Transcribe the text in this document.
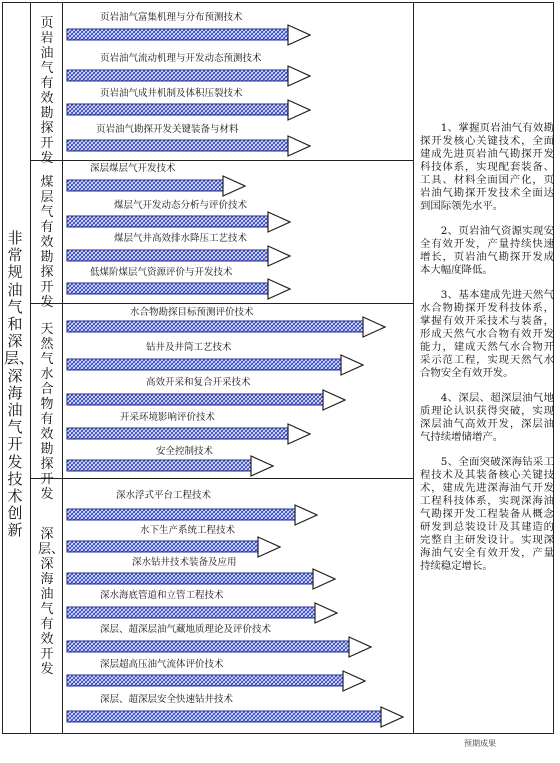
非常规油气和深层、深海油气开发技术创新
页岩油气有效勘探开发
煤层气有效勘探开发
天然气水合物有效勘探开发
深层、深海油气有效开发
页岩油气富集机理与分布预测技术
页岩油气流动机理与开发动态预测技术
页岩油气成井机制及体积压裂技术
页岩油气勘探开发关键装备与材料
深层煤层气开发技术
煤层气开发动态分析与评价技术
煤层气井高效排水降压工艺技术
低煤阶煤层气资源评价与开发技术
水合物勘探目标预测评价技术
钻井及井筒工艺技术
高效开采和复合开采技术
开采环境影响评价技术
安全控制技术
深水浮式平台工程技术
水下生产系统工程技术
深水钻井技术装备及应用
深水海底管道和立管工程技术
深层、超深层油气藏地质理论及评价技术
深层超高压油气流体评价技术
深层、超深层安全快速钻井技术

1、掌握页岩油气有效勘探开发核心关键技术，全面建成先进页岩油气勘探开发科技体系，实现配套装备、工具、材料全面国产化，页岩油气勘探开发技术全面达到国际领先水平。

2、页岩油气资源实现安全有效开发，产量持续快速增长，页岩油气勘探开发成本大幅度降低。

3、基本建成先进天然气水合物勘探开发科技体系，掌握有效开采技术与装备，形成天然气水合物有效开发能力，建成天然气水合物开采示范工程，实现天然气水合物安全有效开发。

4、深层、超深层油气地质理论认识获得突破，实现深层油气高效开发，深层油气持续增储增产。

5、全面突破深海钻采工程技术及其装备核心关键技术，建成先进深海油气开发工程科技体系，实现深海油气勘探开发工程装备从概念研发到总装设计及其建造的完整自主研发设计。实现深海油气安全有效开发，产量持续稳定增长。

预期成果
